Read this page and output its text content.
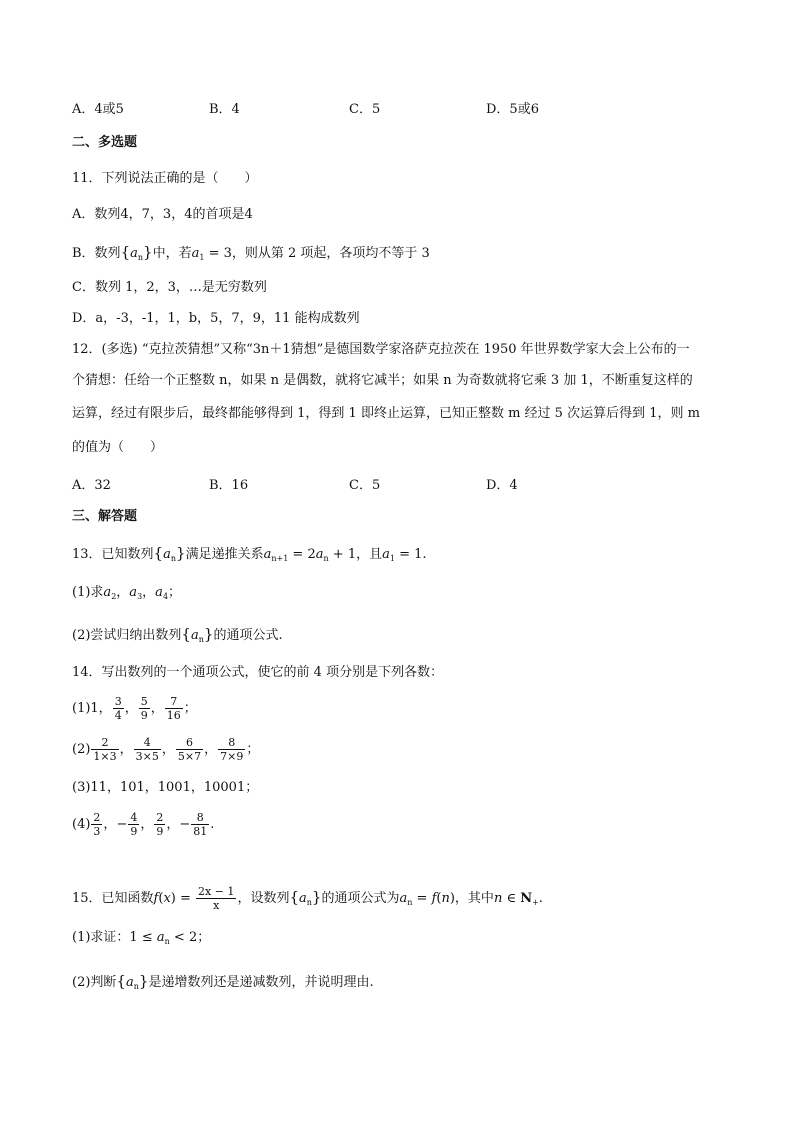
A．4或5	B．4	C．5	D．5或6
二、多选题
11．下列说法正确的是（　　）
A．数列4，7，3，4的首项是4
B．数列$\{a_n\}$中，若$a_1 = 3$，则从第 2 项起，各项均不等于 3
C．数列 1，2，3，…是无穷数列
D．a，-3，-1，1，b，5，7，9，11 能构成数列
12．(多选) “克拉茨猜想”又称“3n＋1猜想”是德国数学家洛萨克拉茨在 1950 年世界数学家大会上公布的一
个猜想：任给一个正整数 n，如果 n 是偶数，就将它减半；如果 n 为奇数就将它乘 3 加 1，不断重复这样的
运算，经过有限步后，最终都能够得到 1，得到 1 即终止运算，已知正整数 m 经过 5 次运算后得到 1，则 m
的值为（　　）
A．32	B．16	C．5	D．4
三、解答题
13．已知数列$\{a_n\}$满足递推关系$a_{n+1} = 2a_n + 1$，且$a_1 = 1$.
(1)求$a_2$，$a_3$，$a_4$；
(2)尝试归纳出数列$\{a_n\}$的通项公式.
14．写出数列的一个通项公式，使它的前 4 项分别是下列各数：
(1)1， $\frac{3}{4}$ ， $\frac{5}{9}$ ， $\frac{7}{16}$ ；
$(2) \frac{2}{1\times 3}$ ， $\frac{4}{3\times 5}$ ， $\frac{6}{5\times 7}$ ， $\frac{8}{7\times 9}$ ；
(3)11，101，1001，10001；
$(4) \frac{2}{3}$ ，− $\frac{4}{9}$ ， $\frac{2}{9}$ ，− $\frac{8}{81}$ .
15．已知函数$f(x) = \frac{2x - 1}{x}$ ，设数列$\{a_n\}$的通项公式为$a_n = f(n)$，其中n ∈ $N_+$.
(1)求证：$1 \le a_n < 2$；
(2)判断$\{a_n\}$是递增数列还是递减数列，并说明理由.
